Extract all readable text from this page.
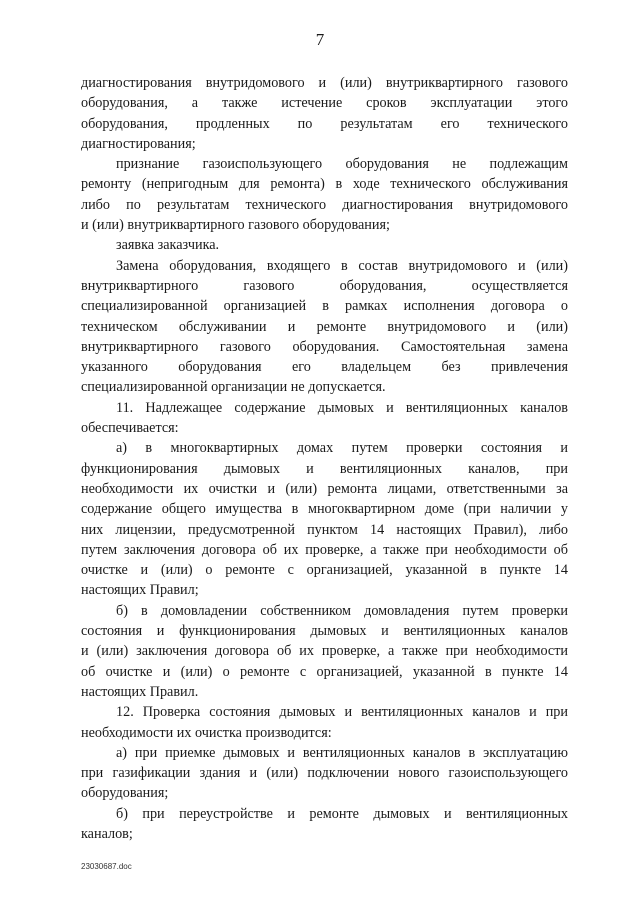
7
диагностирования внутридомового и (или) внутриквартирного газового
оборудования, а также истечение сроков эксплуатации этого
оборудования, продленных по результатам его технического
диагностирования;
признание газоиспользующего оборудования не подлежащим
ремонту (непригодным для ремонта) в ходе технического обслуживания
либо по результатам технического диагностирования внутридомового
и (или) внутриквартирного газового оборудования;
заявка заказчика.
Замена оборудования, входящего в состав внутридомового и (или)
внутриквартирного газового оборудования, осуществляется
специализированной организацией в рамках исполнения договора о
техническом обслуживании и ремонте внутридомового и (или)
внутриквартирного газового оборудования. Самостоятельная замена
указанного оборудования его владельцем без привлечения
специализированной организации не допускается.
11. Надлежащее содержание дымовых и вентиляционных каналов
обеспечивается:
а) в многоквартирных домах путем проверки состояния и
функционирования дымовых и вентиляционных каналов, при
необходимости их очистки и (или) ремонта лицами, ответственными за
содержание общего имущества в многоквартирном доме (при наличии у
них лицензии, предусмотренной пунктом 14 настоящих Правил), либо
путем заключения договора об их проверке, а также при необходимости об
очистке и (или) о ремонте с организацией, указанной в пункте 14
настоящих Правил;
б) в домовладении собственником домовладения путем проверки
состояния и функционирования дымовых и вентиляционных каналов
и (или) заключения договора об их проверке, а также при необходимости
об очистке и (или) о ремонте с организацией, указанной в пункте 14
настоящих Правил.
12. Проверка состояния дымовых и вентиляционных каналов и при
необходимости их очистка производится:
а) при приемке дымовых и вентиляционных каналов в эксплуатацию
при газификации здания и (или) подключении нового газоиспользующего
оборудования;
б) при переустройстве и ремонте дымовых и вентиляционных
каналов;
23030687.doc
